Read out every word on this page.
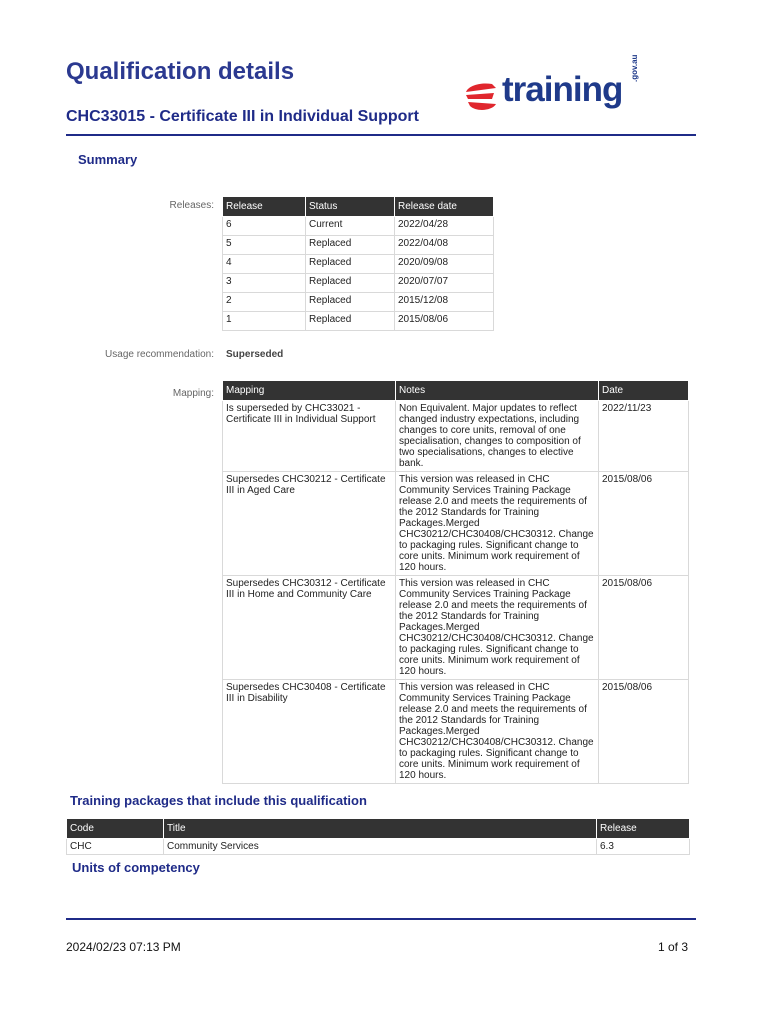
Qualification details
CHC33015 - Certificate III in Individual Support
training
.gov.au
Summary
Releases: Release	Status	Release date
6	Current	2022/04/28
5	Replaced	2022/04/08
4	Replaced	2020/09/08
3	Replaced	2020/07/07
2	Replaced	2015/12/08
1	Replaced	2015/08/06
Usage recommendation: Superseded
Mapping: Mapping	Notes	Date
Is superseded by CHC33021 - Certificate III in Individual Support	Non Equivalent. Major updates to reflect changed industry expectations, including changes to core units, removal of one specialisation, changes to composition of two specialisations, changes to elective bank.	2022/11/23
Supersedes CHC30212 - Certificate III in Aged Care	This version was released in CHC Community Services Training Package release 2.0 and meets the requirements of the 2012 Standards for Training Packages.Merged CHC30212/CHC30408/CHC30312. Change to packaging rules. Significant change to core units. Minimum work requirement of 120 hours.	2015/08/06
Supersedes CHC30312 - Certificate III in Home and Community Care	This version was released in CHC Community Services Training Package release 2.0 and meets the requirements of the 2012 Standards for Training Packages.Merged CHC30212/CHC30408/CHC30312. Change to packaging rules. Significant change to core units. Minimum work requirement of 120 hours.	2015/08/06
Supersedes CHC30408 - Certificate III in Disability	This version was released in CHC Community Services Training Package release 2.0 and meets the requirements of the 2012 Standards for Training Packages.Merged CHC30212/CHC30408/CHC30312. Change to packaging rules. Significant change to core units. Minimum work requirement of 120 hours.	2015/08/06
Training packages that include this qualification
Code	Title	Release
CHC	Community Services	6.3
Units of competency
2024/02/23 07:13 PM	1 of 3
